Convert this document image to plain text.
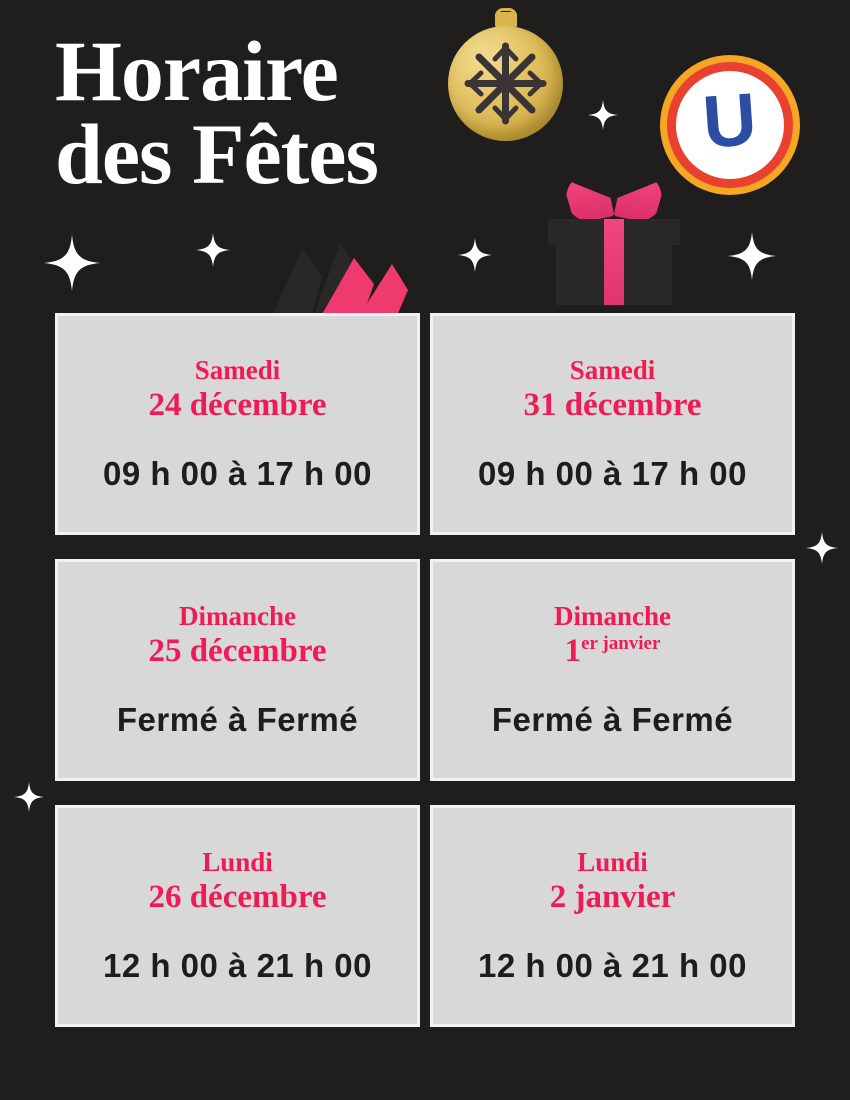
Horaire
des Fêtes	U
Samedi
24 décembre
09 h 00 à 17 h 00
Samedi
31 décembre
09 h 00 à 17 h 00
Dimanche
25 décembre
Fermé à Fermé
Dimanche
$1^{er janvier}$
Fermé à Fermé
Lundi
26 décembre
12 h 00 à 21 h 00
Lundi
2 janvier
12 h 00 à 21 h 00
